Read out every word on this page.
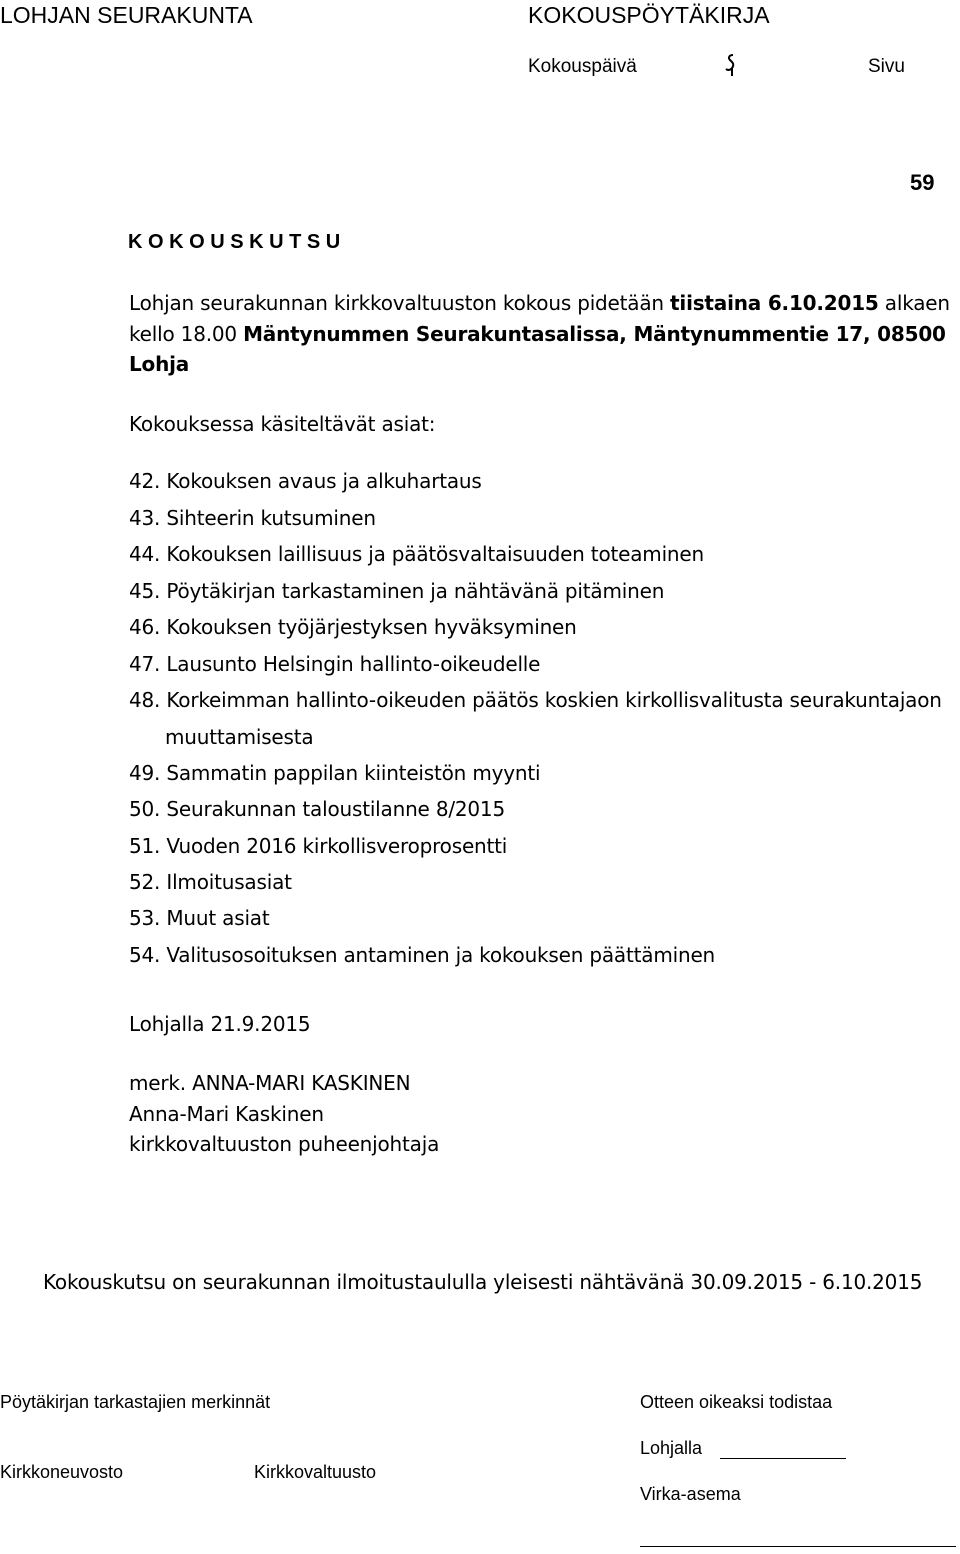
LOHJAN SEURAKUNTA	KOKOUSPÖYTÄKIRJA
Kokouspäivä	Sivu
59
K O K O U S K U T S U
Lohjan seurakunnan kirkkovaltuuston kokous pidetään tiistaina 6.10.2015 alkaen
kello 18.00 Mäntynummen Seurakuntasalissa, Mäntynummentie 17, 08500
Lohja
Kokouksessa käsiteltävät asiat:
42. Kokouksen avaus ja alkuhartaus
43. Sihteerin kutsuminen
44. Kokouksen laillisuus ja päätösvaltaisuuden toteaminen
45. Pöytäkirjan tarkastaminen ja nähtävänä pitäminen
46. Kokouksen työjärjestyksen hyväksyminen
47. Lausunto Helsingin hallinto-oikeudelle
48. Korkeimman hallinto-oikeuden päätös koskien kirkollisvalitusta seurakuntajaon
muuttamisesta
49. Sammatin pappilan kiinteistön myynti
50. Seurakunnan taloustilanne 8/2015
51. Vuoden 2016 kirkollisveroprosentti
52. Ilmoitusasiat
53. Muut asiat
54. Valitusosoituksen antaminen ja kokouksen päättäminen
Lohjalla 21.9.2015
merk. ANNA-MARI KASKINEN
Anna-Mari Kaskinen
kirkkovaltuuston puheenjohtaja
Kokouskutsu on seurakunnan ilmoitustaululla yleisesti nähtävänä 30.09.2015 - 6.10.2015
Pöytäkirjan tarkastajien merkinnät	Otteen oikeaksi todistaa
Lohjalla
Kirkkoneuvosto	Kirkkovaltuusto
Virka-asema
